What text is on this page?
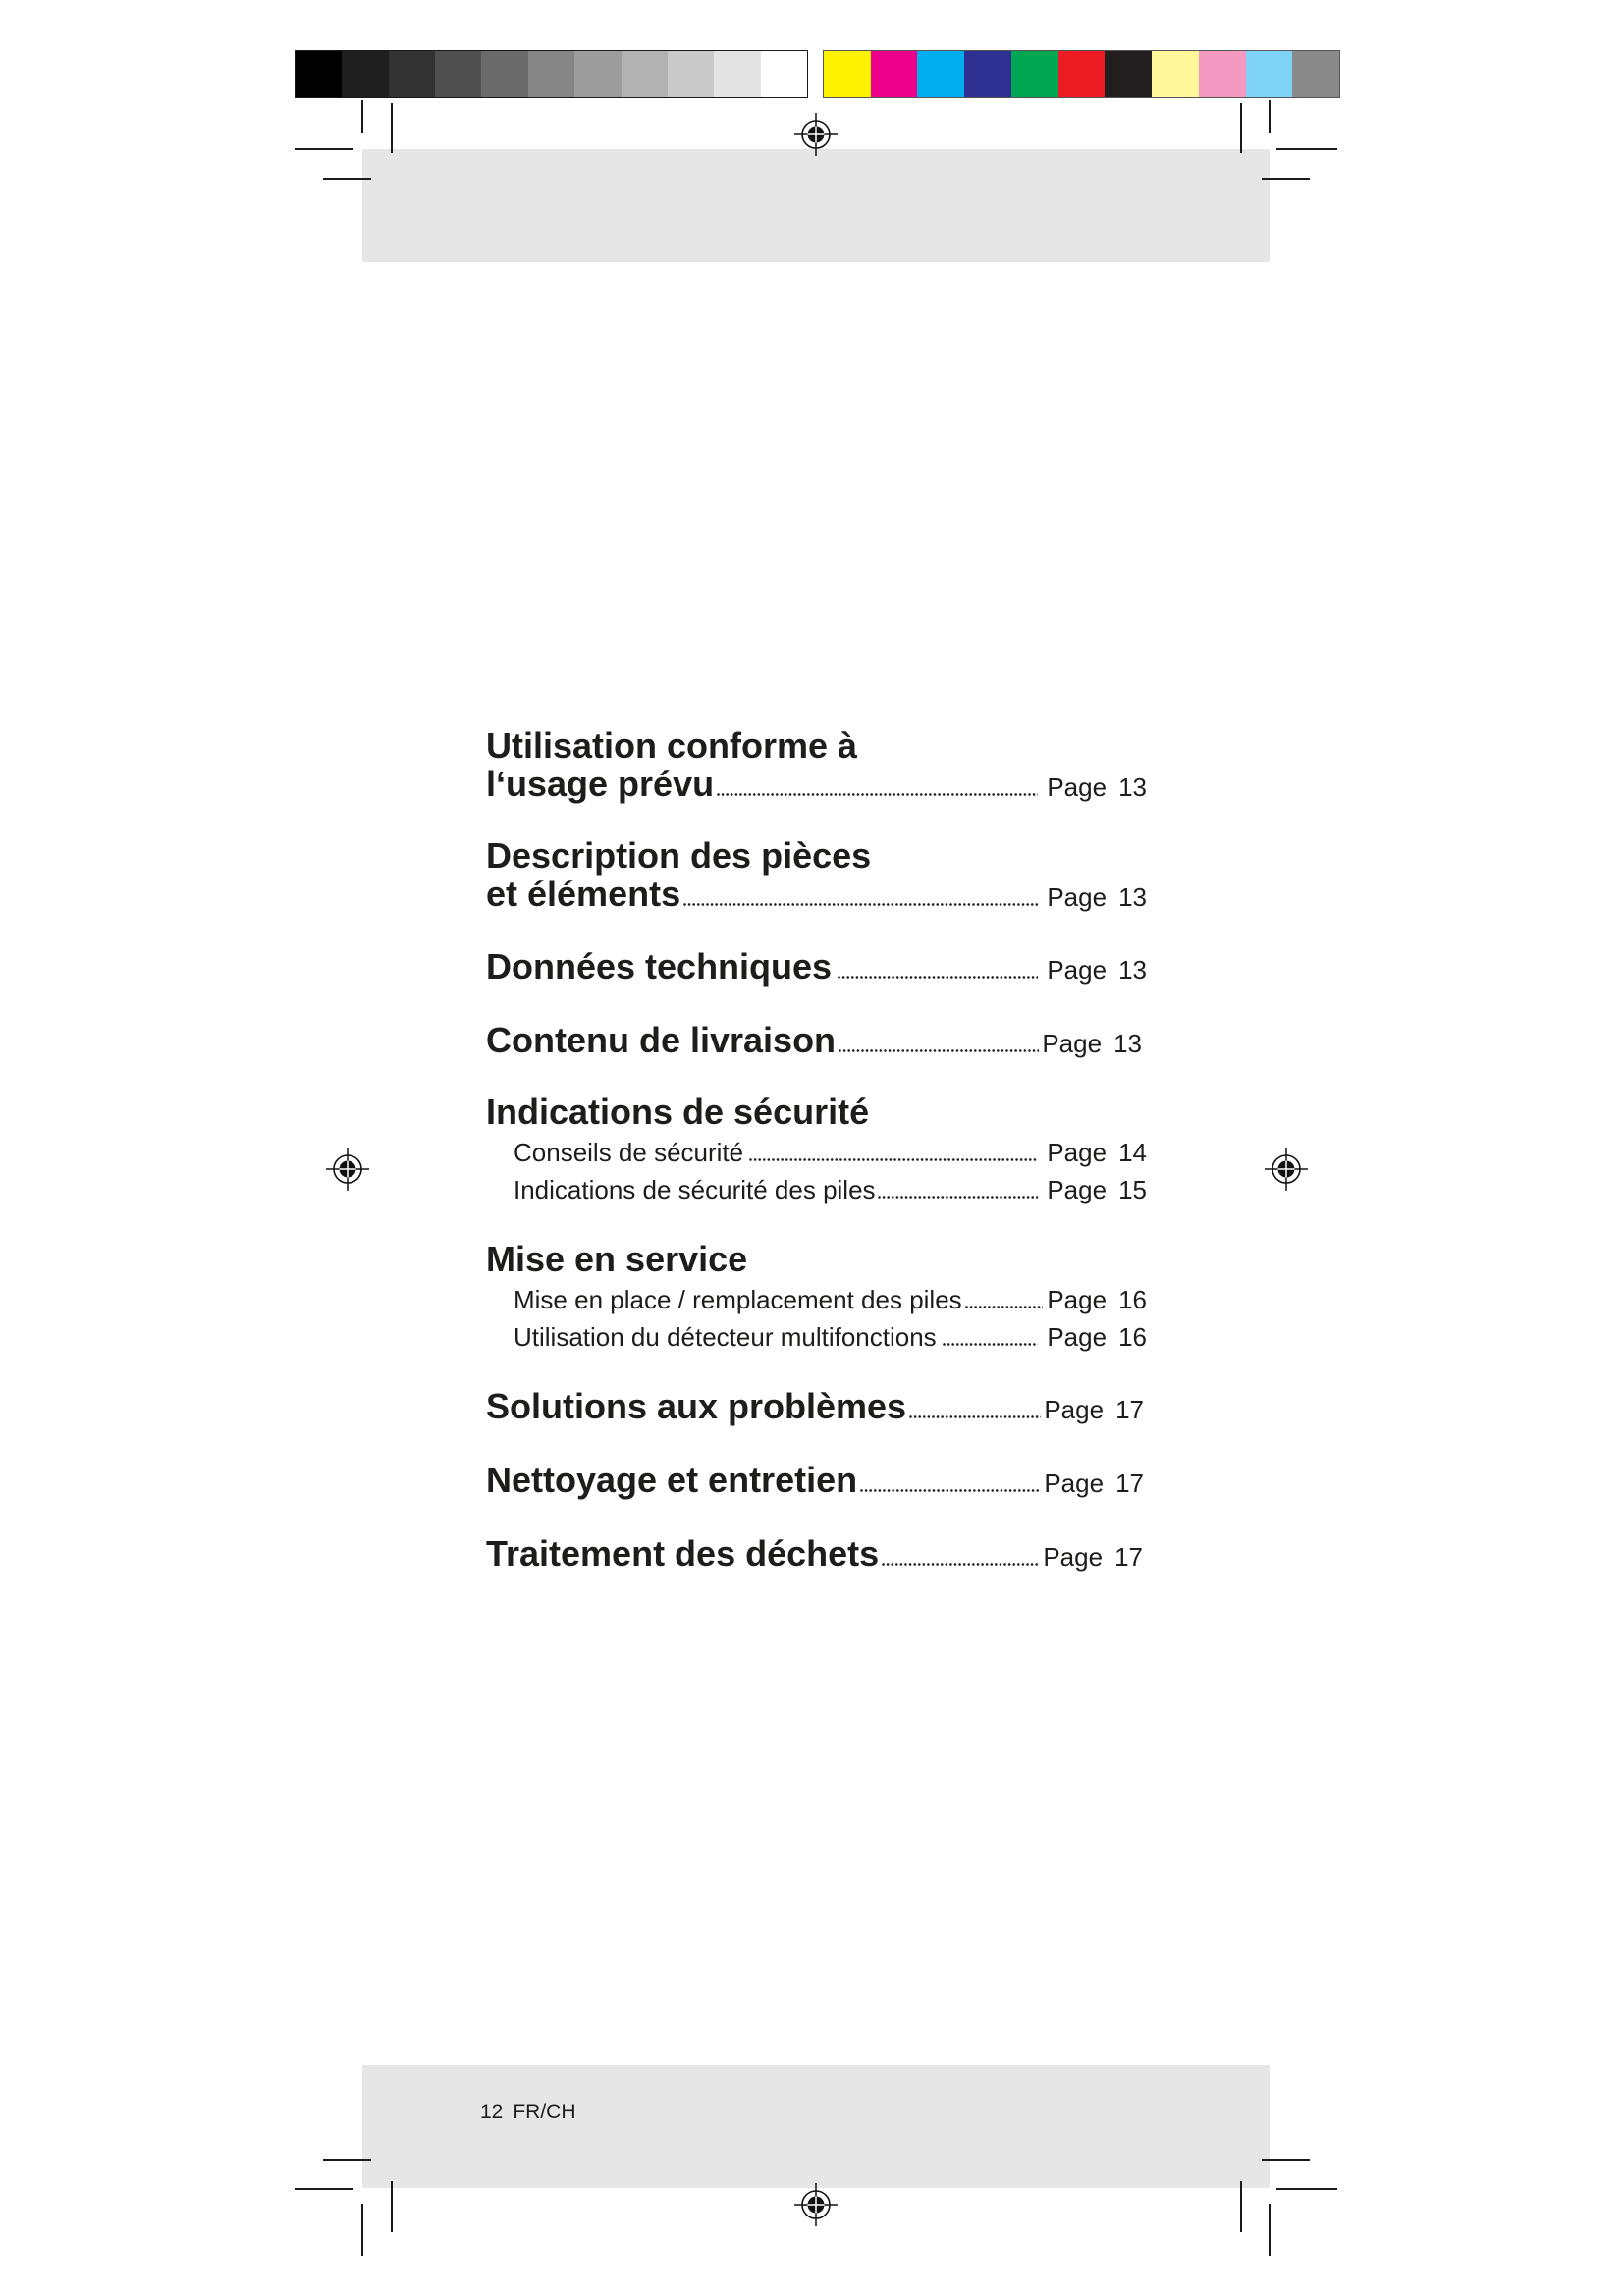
Utilisation conforme à
l‘usage prévu	Page 13
Description des pièces
et éléments	Page 13
Données techniques	Page 13
Contenu de livraison	Page 13
Indications de sécurité
Conseils de sécurité	Page 14
Indications de sécurité des piles	Page 15
Mise en service
Mise en place / remplacement des piles	Page 16
Utilisation du détecteur multifonctions	Page 16
Solutions aux problèmes	Page 17
Nettoyage et entretien	Page 17
Traitement des déchets	Page 17
12 FR/CH
